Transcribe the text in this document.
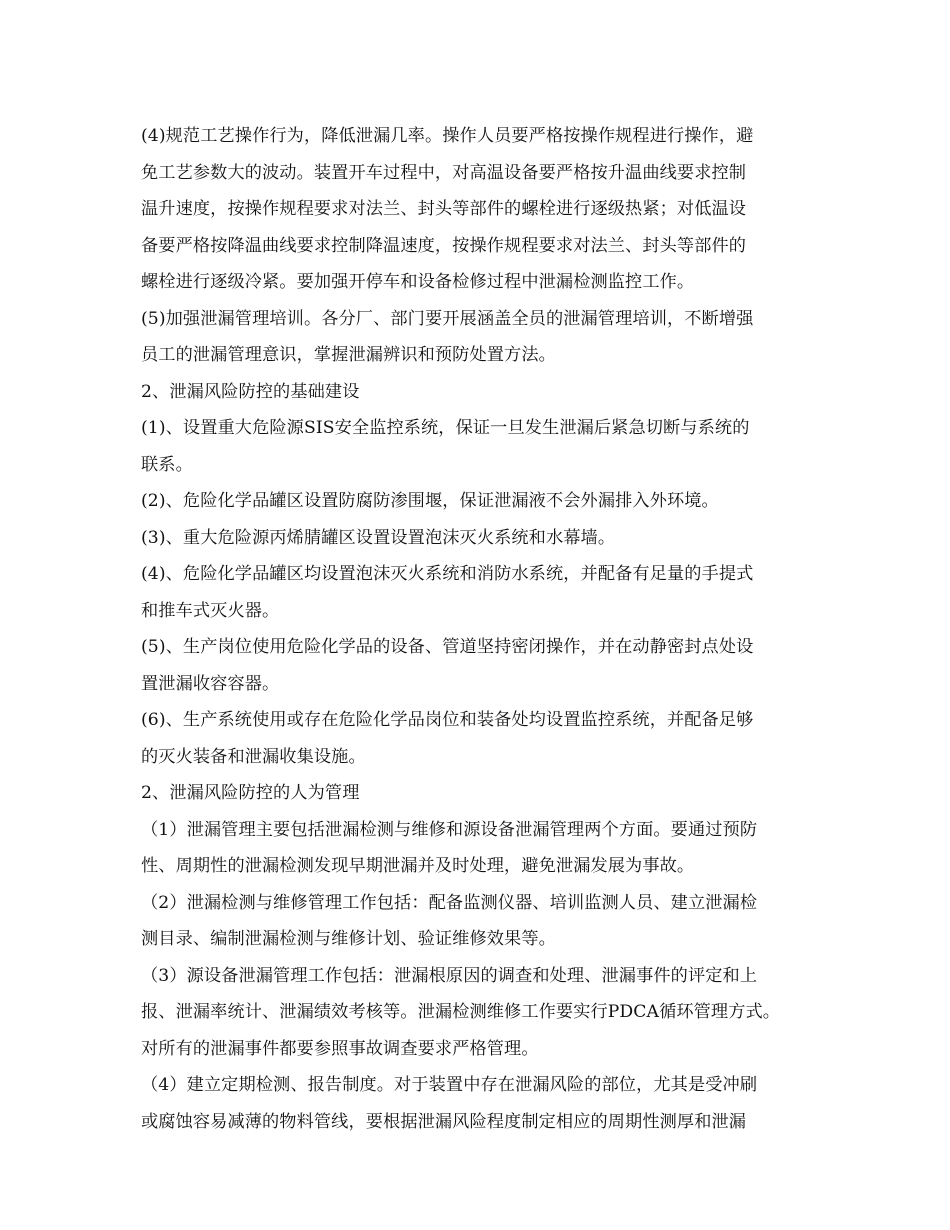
(4)规范工艺操作行为，降低泄漏几率。操作人员要严格按操作规程进行操作，避
免工艺参数大的波动。装置开车过程中，对高温设备要严格按升温曲线要求控制
温升速度，按操作规程要求对法兰、封头等部件的螺栓进行逐级热紧；对低温设
备要严格按降温曲线要求控制降温速度，按操作规程要求对法兰、封头等部件的
螺栓进行逐级冷紧。要加强开停车和设备检修过程中泄漏检测监控工作。
(5)加强泄漏管理培训。各分厂、部门要开展涵盖全员的泄漏管理培训，不断增强
员工的泄漏管理意识，掌握泄漏辨识和预防处置方法。
2、泄漏风险防控的基础建设
(1)、设置重大危险源SIS安全监控系统，保证一旦发生泄漏后紧急切断与系统的
联系。
(2)、危险化学品罐区设置防腐防渗围堰，保证泄漏液不会外漏排入外环境。
(3)、重大危险源丙烯腈罐区设置设置泡沫灭火系统和水幕墙。
(4)、危险化学品罐区均设置泡沫灭火系统和消防水系统，并配备有足量的手提式
和推车式灭火器。
(5)、生产岗位使用危险化学品的设备、管道坚持密闭操作，并在动静密封点处设
置泄漏收容容器。
(6)、生产系统使用或存在危险化学品岗位和装备处均设置监控系统，并配备足够
的灭火装备和泄漏收集设施。
2、泄漏风险防控的人为管理
（1）泄漏管理主要包括泄漏检测与维修和源设备泄漏管理两个方面。要通过预防
性、周期性的泄漏检测发现早期泄漏并及时处理，避免泄漏发展为事故。
（2）泄漏检测与维修管理工作包括：配备监测仪器、培训监测人员、建立泄漏检
测目录、编制泄漏检测与维修计划、验证维修效果等。
（3）源设备泄漏管理工作包括：泄漏根原因的调查和处理、泄漏事件的评定和上
报、泄漏率统计、泄漏绩效考核等。泄漏检测维修工作要实行PDCA循环管理方式。
对所有的泄漏事件都要参照事故调查要求严格管理。
（4）建立定期检测、报告制度。对于装置中存在泄漏风险的部位，尤其是受冲刷
或腐蚀容易减薄的物料管线，要根据泄漏风险程度制定相应的周期性测厚和泄漏
